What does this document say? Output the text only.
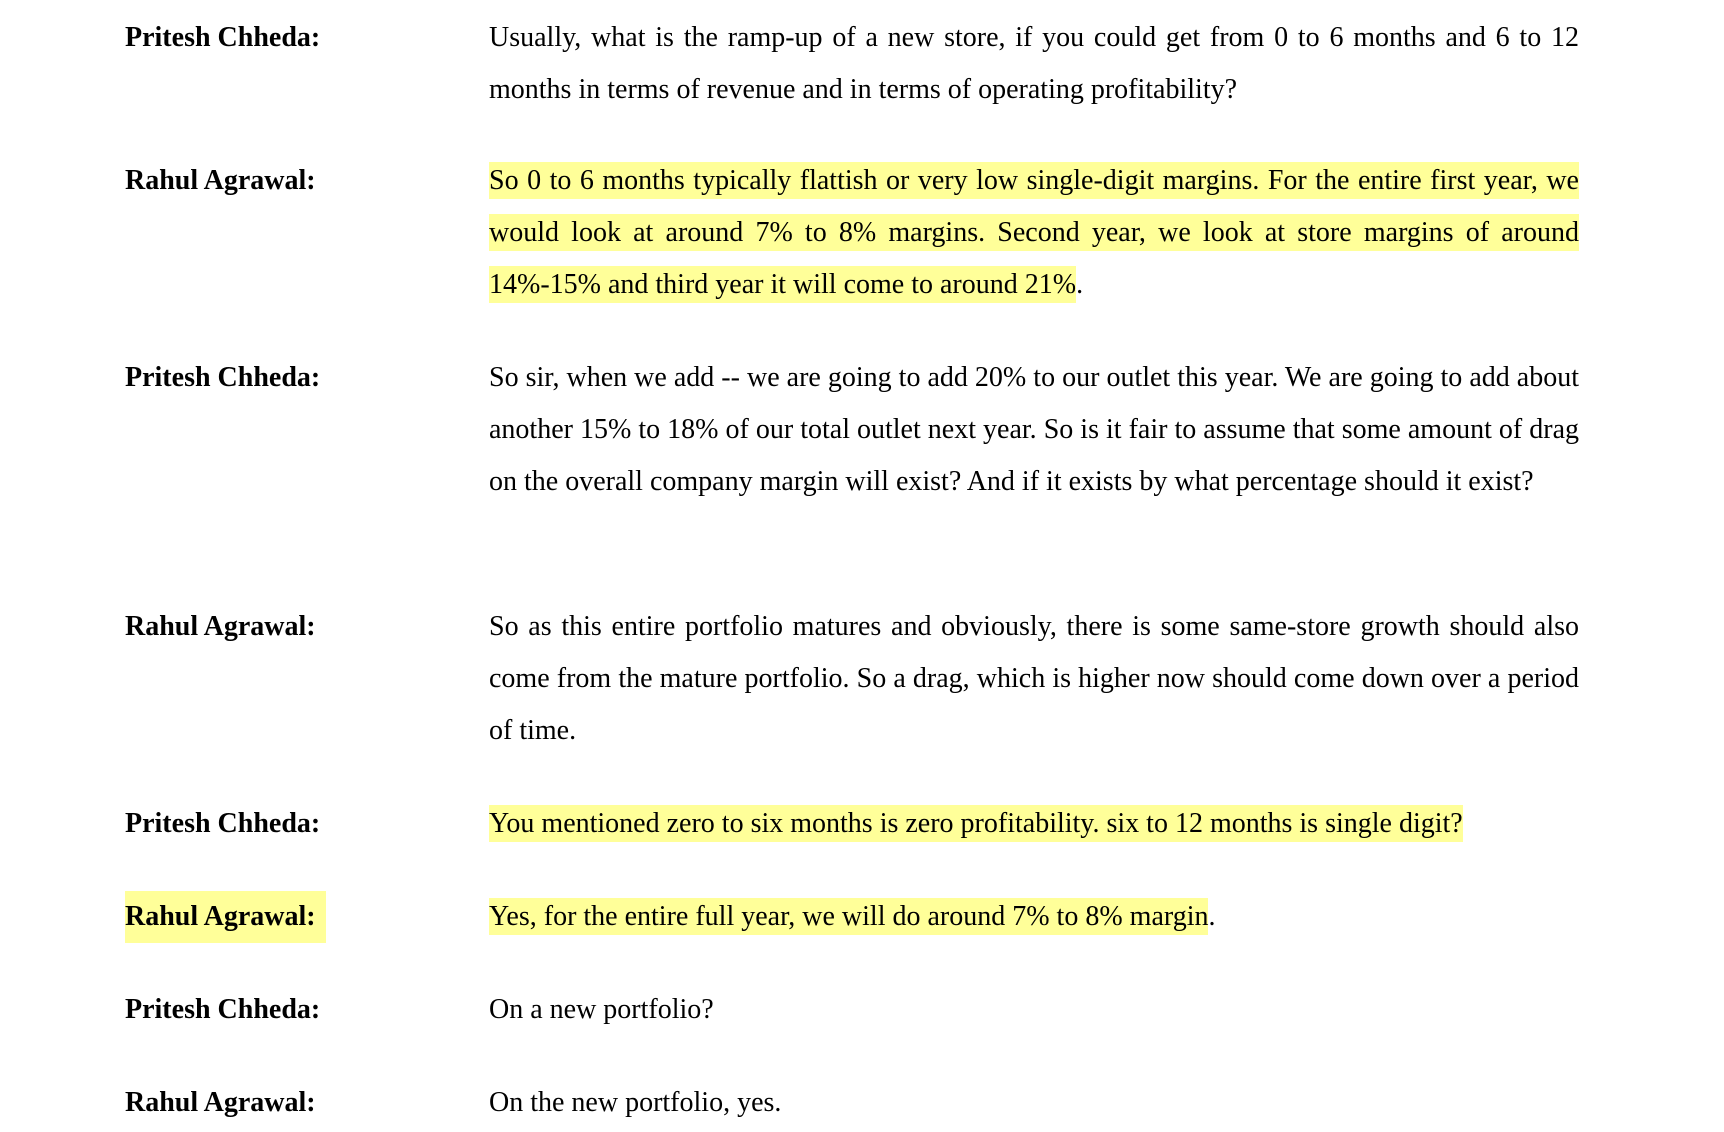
Pritesh Chheda:	Usually, what is the ramp-up of a new store, if you could get from 0 to 6 months and 6 to 12 months in terms of revenue and in terms of operating profitability?
Rahul Agrawal:	So 0 to 6 months typically flattish or very low single-digit margins. For the entire first year, we would look at around 7% to 8% margins. Second year, we look at store margins of around 14%-15% and third year it will come to around 21%.
Pritesh Chheda:	So sir, when we add -- we are going to add 20% to our outlet this year. We are going to add about another 15% to 18% of our total outlet next year. So is it fair to assume that some amount of drag on the overall company margin will exist? And if it exists by what percentage should it exist?
Rahul Agrawal:	So as this entire portfolio matures and obviously, there is some same-store growth should also come from the mature portfolio. So a drag, which is higher now should come down over a period of time.
Pritesh Chheda:	You mentioned zero to six months is zero profitability. six to 12 months is single digit?
Rahul Agrawal:	Yes, for the entire full year, we will do around 7% to 8% margin.
Pritesh Chheda:	On a new portfolio?
Rahul Agrawal:	On the new portfolio, yes.
